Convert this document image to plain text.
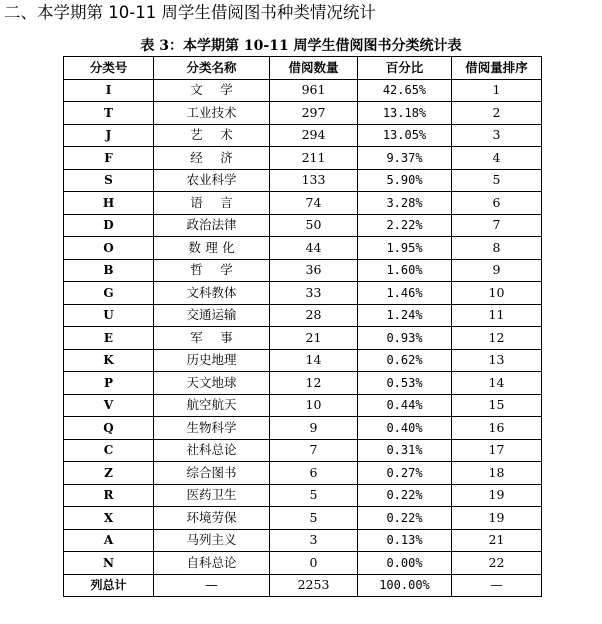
二、本学期第 10-11 周学生借阅图书种类情况统计
表 3：本学期第 10-11 周学生借阅图书分类统计表
分类号	分类名称	借阅数量	百分比	借阅量排序
I	文学	961	42.65%	1
T	工业技术	297	13.18%	2
J	艺术	294	13.05%	3
F	经济	211	9.37%	4
S	农业科学	133	5.90%	5
H	语言	74	3.28%	6
D	政治法律	50	2.22%	7
O	数理化	44	1.95%	8
B	哲学	36	1.60%	9
G	文科教体	33	1.46%	10
U	交通运输	28	1.24%	11
E	军事	21	0.93%	12
K	历史地理	14	0.62%	13
P	天文地球	12	0.53%	14
V	航空航天	10	0.44%	15
Q	生物科学	9	0.40%	16
C	社科总论	7	0.31%	17
Z	综合图书	6	0.27%	18
R	医药卫生	5	0.22%	19
X	环境劳保	5	0.22%	19
A	马列主义	3	0.13%	21
N	自科总论	0	0.00%	22
列总计	—	2253	100.00%	—
